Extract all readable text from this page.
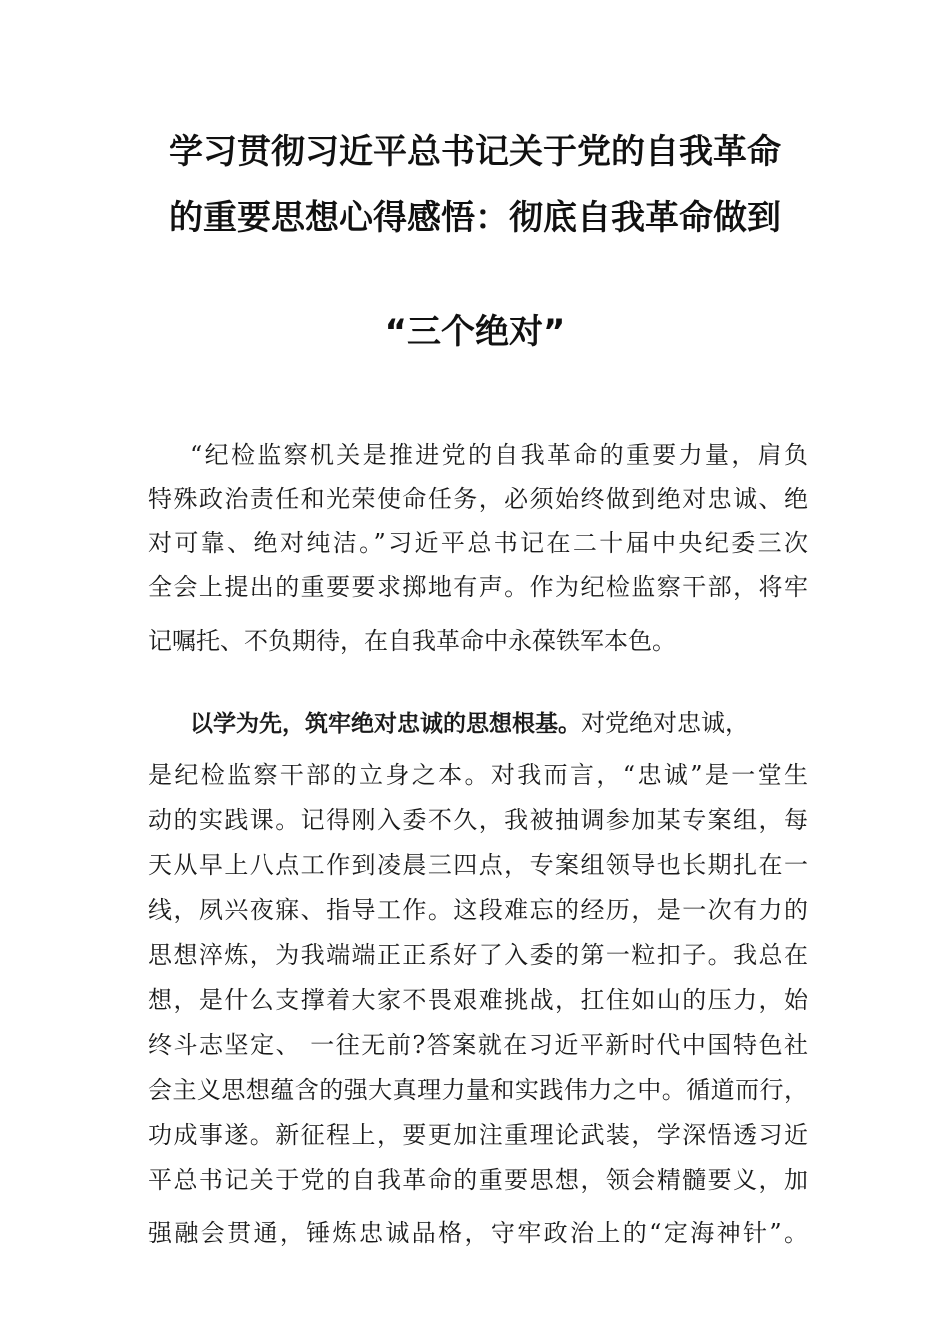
学习贯彻习近平总书记关于党的自我革命
的重要思想心得感悟：彻底自我革命做到
“三个绝对”
“纪检监察机关是推进党的自我革命的重要力量，肩负
特殊政治责任和光荣使命任务，必须始终做到绝对忠诚、绝
对可靠、绝对纯洁。”习近平总书记在二十届中央纪委三次
全会上提出的重要要求掷地有声。作为纪检监察干部，将牢
记嘱托、不负期待，在自我革命中永葆铁军本色。
以学为先，筑牢绝对忠诚的思想根基。对党绝对忠诚，
是纪检监察干部的立身之本。对我而言，“忠诚”是一堂生
动的实践课。记得刚入委不久，我被抽调参加某专案组，每
天从早上八点工作到凌晨三四点，专案组领导也长期扎在一
线，夙兴夜寐、指导工作。这段难忘的经历，是一次有力的
思想淬炼，为我端端正正系好了入委的第一粒扣子。我总在
想，是什么支撑着大家不畏艰难挑战，扛住如山的压力，始
终斗志坚定、 一往无前?答案就在习近平新时代中国特色社
会主义思想蕴含的强大真理力量和实践伟力之中。循道而行，
功成事遂。新征程上，要更加注重理论武装，学深悟透习近
平总书记关于党的自我革命的重要思想，领会精髓要义，加
强融会贯通，锤炼忠诚品格，守牢政治上的“定海神针”。
